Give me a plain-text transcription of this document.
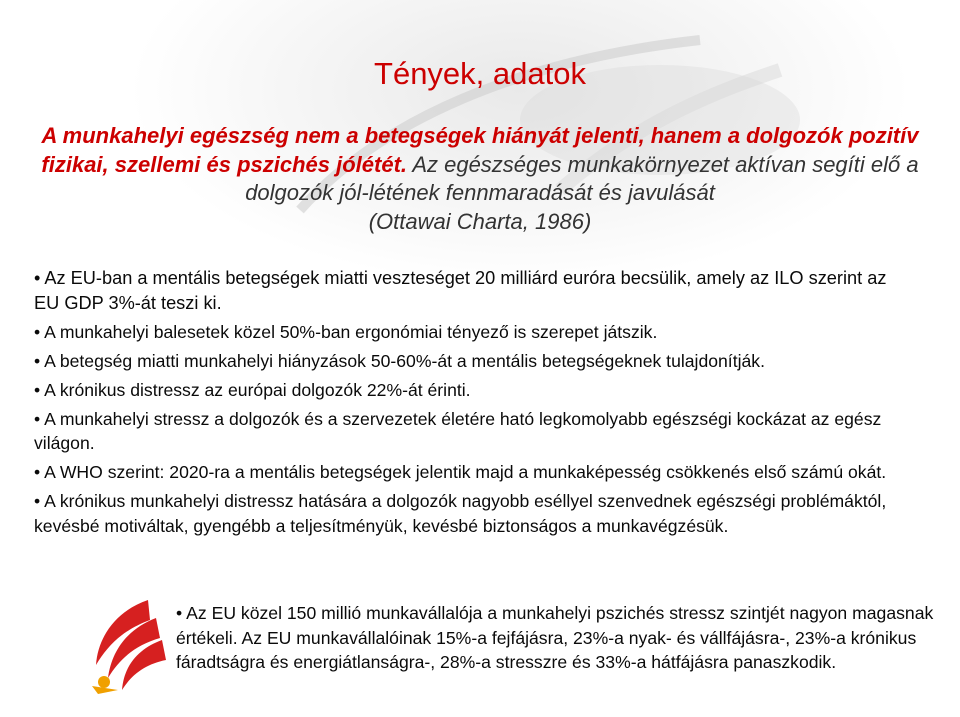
Tények, adatok
A munkahelyi egészség nem a betegségek hiányát jelenti, hanem a dolgozók pozitív fizikai, szellemi és pszichés jólétét. Az egészséges munkakörnyezet aktívan segíti elő a dolgozók jól-létének fennmaradását és javulását
(Ottawai Charta, 1986)
• Az EU-ban a mentális betegségek miatti veszteséget 20 milliárd euróra becsülik, amely az ILO szerint az EU GDP 3%-át teszi ki.
• A munkahelyi balesetek közel 50%-ban ergonómiai tényező is szerepet játszik.
• A betegség miatti munkahelyi hiányzások 50-60%-át a mentális betegségeknek tulajdonítják.
• A krónikus distressz az európai dolgozók 22%-át érinti.
• A munkahelyi stressz a dolgozók és a szervezetek életére ható legkomolyabb egészségi kockázat az egész világon.
• A WHO szerint: 2020-ra a mentális betegségek jelentik majd a munkaképesség csökkenés első számú okát.
• A krónikus munkahelyi distressz hatására a dolgozók nagyobb eséllyel szenvednek egészségi problémáktól, kevésbé motiváltak, gyengébb a teljesítményük, kevésbé biztonságos a munkavégzésük.
• Az EU közel 150 millió munkavállalója a munkahelyi pszichés stressz szintjét nagyon magasnak értékeli. Az EU munkavállalóinak 15%-a fejfájásra, 23%-a nyak- és vállfájásra-, 23%-a krónikus fáradtságra és energiátlanságra-, 28%-a stresszre és 33%-a hátfájásra panaszkodik.
